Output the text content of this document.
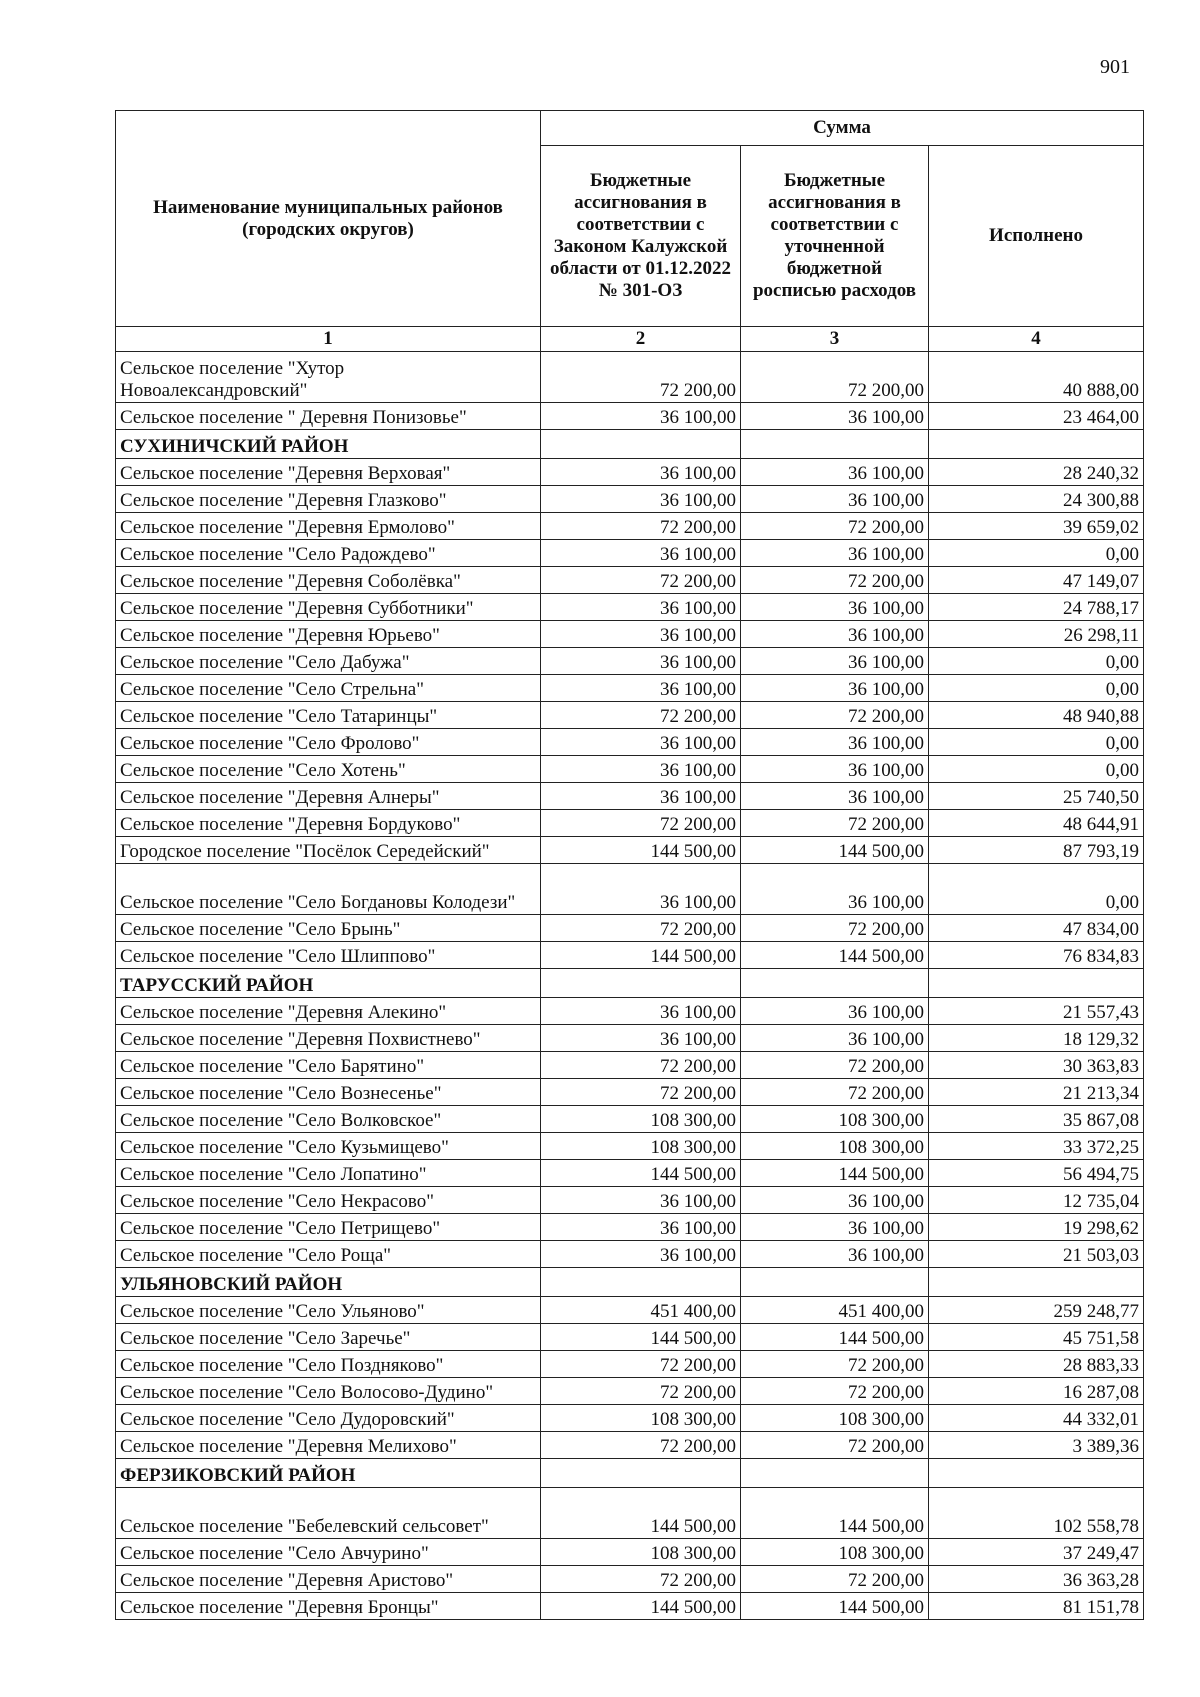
901
Наименование муниципальных районов (городских округов)	Сумма		
	Бюджетные ассигнования в соответствии с Законом Калужской области от 01.12.2022 № 301-ОЗ	Бюджетные ассигнования в соответствии с уточненной бюджетной росписью расходов	Исполнено
1	2	3	4
Сельское поселение "Хутор Новоалександровский"	72 200,00	72 200,00	40 888,00
Сельское поселение " Деревня Понизовье"	36 100,00	36 100,00	23 464,00
СУХИНИЧСКИЙ РАЙОН			
Сельское поселение "Деревня Верховая"	36 100,00	36 100,00	28 240,32
Сельское поселение "Деревня Глазково"	36 100,00	36 100,00	24 300,88
Сельское поселение "Деревня Ермолово"	72 200,00	72 200,00	39 659,02
Сельское поселение "Село Радождево"	36 100,00	36 100,00	0,00
Сельское поселение "Деревня Соболёвка"	72 200,00	72 200,00	47 149,07
Сельское поселение "Деревня Субботники"	36 100,00	36 100,00	24 788,17
Сельское поселение "Деревня Юрьево"	36 100,00	36 100,00	26 298,11
Сельское поселение "Село Дабужа"	36 100,00	36 100,00	0,00
Сельское поселение "Село Стрельна"	36 100,00	36 100,00	0,00
Сельское поселение "Село Татаринцы"	72 200,00	72 200,00	48 940,88
Сельское поселение "Село Фролово"	36 100,00	36 100,00	0,00
Сельское поселение "Село Хотень"	36 100,00	36 100,00	0,00
Сельское поселение "Деревня Алнеры"	36 100,00	36 100,00	25 740,50
Сельское поселение "Деревня Бордуково"	72 200,00	72 200,00	48 644,91
Городское поселение "Посёлок Середейский"	144 500,00	144 500,00	87 793,19
Сельское поселение "Село Богдановы Колодези"	36 100,00	36 100,00	0,00
Сельское поселение "Село Брынь"	72 200,00	72 200,00	47 834,00
Сельское поселение "Село Шлиппово"	144 500,00	144 500,00	76 834,83
ТАРУССКИЙ РАЙОН			
Сельское поселение "Деревня Алекино"	36 100,00	36 100,00	21 557,43
Сельское поселение "Деревня Похвистнево"	36 100,00	36 100,00	18 129,32
Сельское поселение "Село Барятино"	72 200,00	72 200,00	30 363,83
Сельское поселение "Село Вознесенье"	72 200,00	72 200,00	21 213,34
Сельское поселение "Село Волковское"	108 300,00	108 300,00	35 867,08
Сельское поселение "Село Кузьмищево"	108 300,00	108 300,00	33 372,25
Сельское поселение "Село Лопатино"	144 500,00	144 500,00	56 494,75
Сельское поселение "Село Некрасово"	36 100,00	36 100,00	12 735,04
Сельское поселение "Село Петрищево"	36 100,00	36 100,00	19 298,62
Сельское поселение "Село Роща"	36 100,00	36 100,00	21 503,03
УЛЬЯНОВСКИЙ РАЙОН			
Сельское поселение "Село Ульяново"	451 400,00	451 400,00	259 248,77
Сельское поселение "Село Заречье"	144 500,00	144 500,00	45 751,58
Сельское поселение "Село Поздняково"	72 200,00	72 200,00	28 883,33
Сельское поселение "Село Волосово-Дудино"	72 200,00	72 200,00	16 287,08
Сельское поселение "Село Дудоровский"	108 300,00	108 300,00	44 332,01
Сельское поселение "Деревня Мелихово"	72 200,00	72 200,00	3 389,36
ФЕРЗИКОВСКИЙ РАЙОН			
Сельское поселение "Бебелевский сельсовет"	144 500,00	144 500,00	102 558,78
Сельское поселение "Село Авчурино"	108 300,00	108 300,00	37 249,47
Сельское поселение "Деревня Аристово"	72 200,00	72 200,00	36 363,28
Сельское поселение "Деревня Бронцы"	144 500,00	144 500,00	81 151,78
